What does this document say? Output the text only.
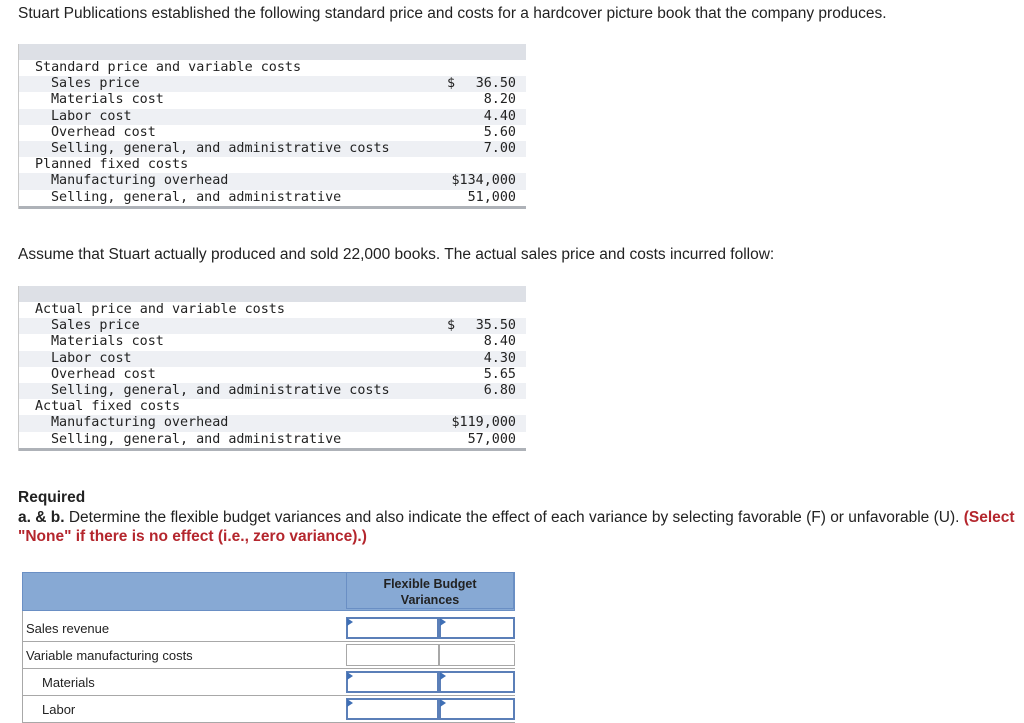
Stuart Publications established the following standard price and costs for a hardcover picture book that the company produces.
Standard price and variable costs
Sales price	$ 36.50
Materials cost	8.20
Labor cost	4.40
Overhead cost	5.60
Selling, general, and administrative costs	7.00
Planned fixed costs
Manufacturing overhead	$134,000
Selling, general, and administrative	51,000
Assume that Stuart actually produced and sold 22,000 books. The actual sales price and costs incurred follow:
Actual price and variable costs
Sales price	$ 35.50
Materials cost	8.40
Labor cost	4.30
Overhead cost	5.65
Selling, general, and administrative costs	6.80
Actual fixed costs
Manufacturing overhead	$119,000
Selling, general, and administrative	57,000
Required
a. & b. Determine the flexible budget variances and also indicate the effect of each variance by selecting favorable (F) or unfavorable (U). (Select "None" if there is no effect (i.e., zero variance).)
Flexible Budget
Variances
Sales revenue
Variable manufacturing costs
Materials
Labor
